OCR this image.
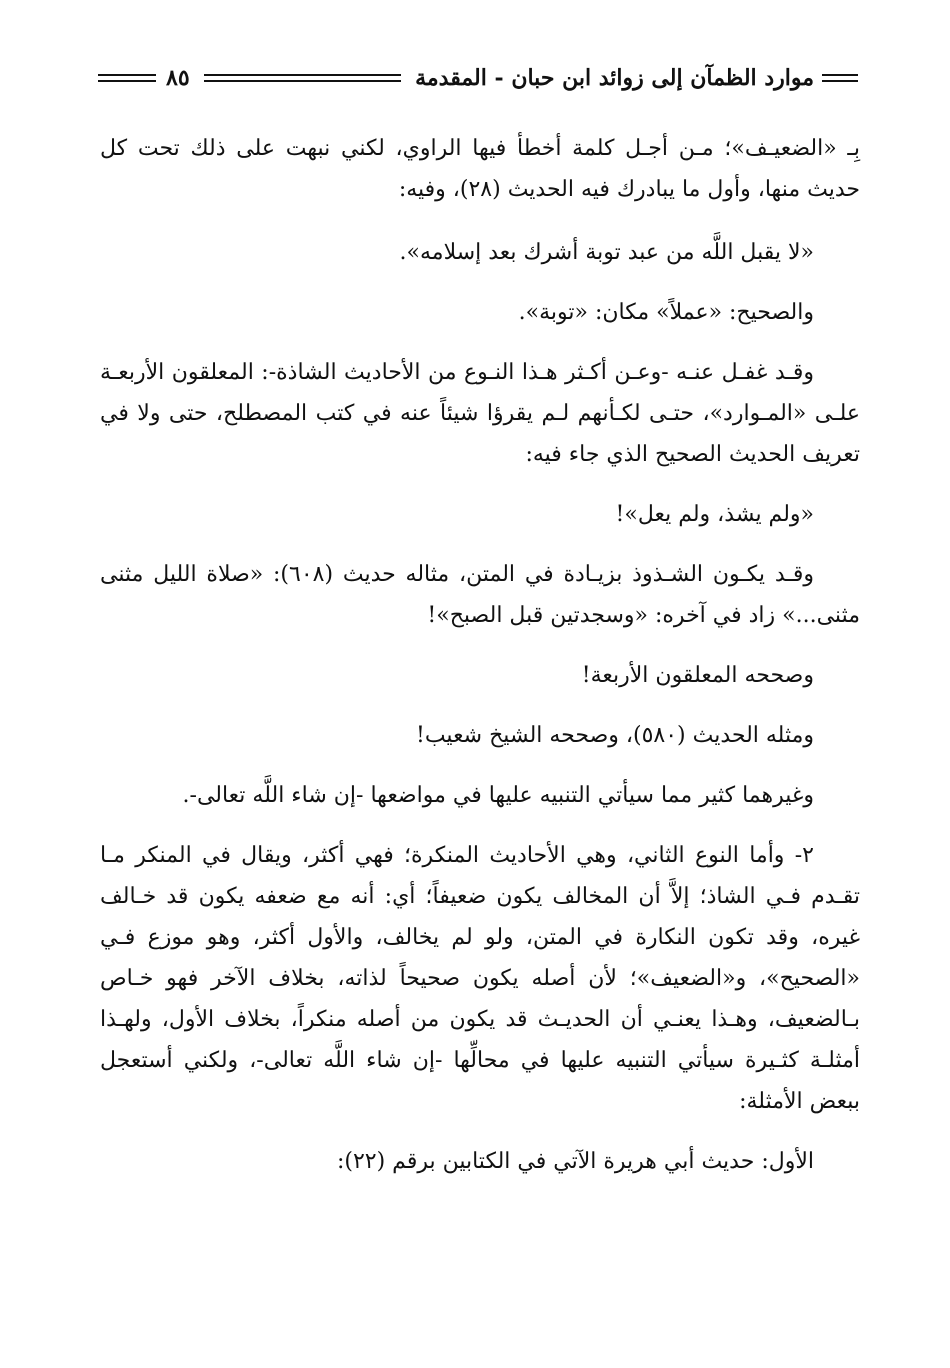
موارد الظمآن إلى زوائد ابن حبان - المقدمة
٨٥

بِـ «الضعيـف»؛ مـن أجـل كلمة أخطأ فيها الراوي، لكني نبهت على ذلك تحت كل حديث منها، وأول ما يبادرك فيه الحديث (٢٨)، وفيه:

«لا يقبل اللَّه من عبد توبة أشرك بعد إسلامه».

والصحيح: «عملاً» مكان: «توبة».

وقـد غفـل عنـه -وعـن أكـثر هـذا النـوع من الأحاديث الشاذة-: المعلقون الأربعـة علـى «المـوارد»، حتـى لكـأنهم لـم يقرؤا شيئاً عنه في كتب المصطلح، حتى ولا في تعريف الحديث الصحيح الذي جاء فيه:

«ولم يشذ، ولم يعل»!

وقـد يكـون الشـذوذ بزيـادة في المتن، مثاله حديث (٦٠٨): «صلاة الليل مثنى مثنى...» زاد في آخره: «وسجدتين قبل الصبح»!

وصححه المعلقون الأربعة!

ومثله الحديث (٥٨٠)، وصححه الشيخ شعيب!

وغيرهما كثير مما سيأتي التنبيه عليها في مواضعها -إن شاء اللَّه تعالى-.

٢- وأما النوع الثاني، وهي الأحاديث المنكرة؛ فهي أكثر، ويقال في المنكر مـا تقـدم فـي الشاذ؛ إلاَّ أن المخالف يكون ضعيفاً؛ أي: أنه مع ضعفه يكون قد خـالف غيره، وقد تكون النكارة في المتن، ولو لم يخالف، والأول أكثر، وهو موزع فـي «الصحيح»، و«الضعيف»؛ لأن أصله يكون صحيحاً لذاته، بخلاف الآخر فهو خـاص بـالضعيف، وهـذا يعنـي أن الحديـث قد يكون من أصله منكراً، بخلاف الأول، ولهـذا أمثلـة كثـيرة سيأتي التنبيه عليها في محالِّها -إن شاء اللَّه تعالى-، ولكني أستعجل ببعض الأمثلة:

الأول: حديث أبي هريرة الآتي في الكتابين برقم (٢٢):
